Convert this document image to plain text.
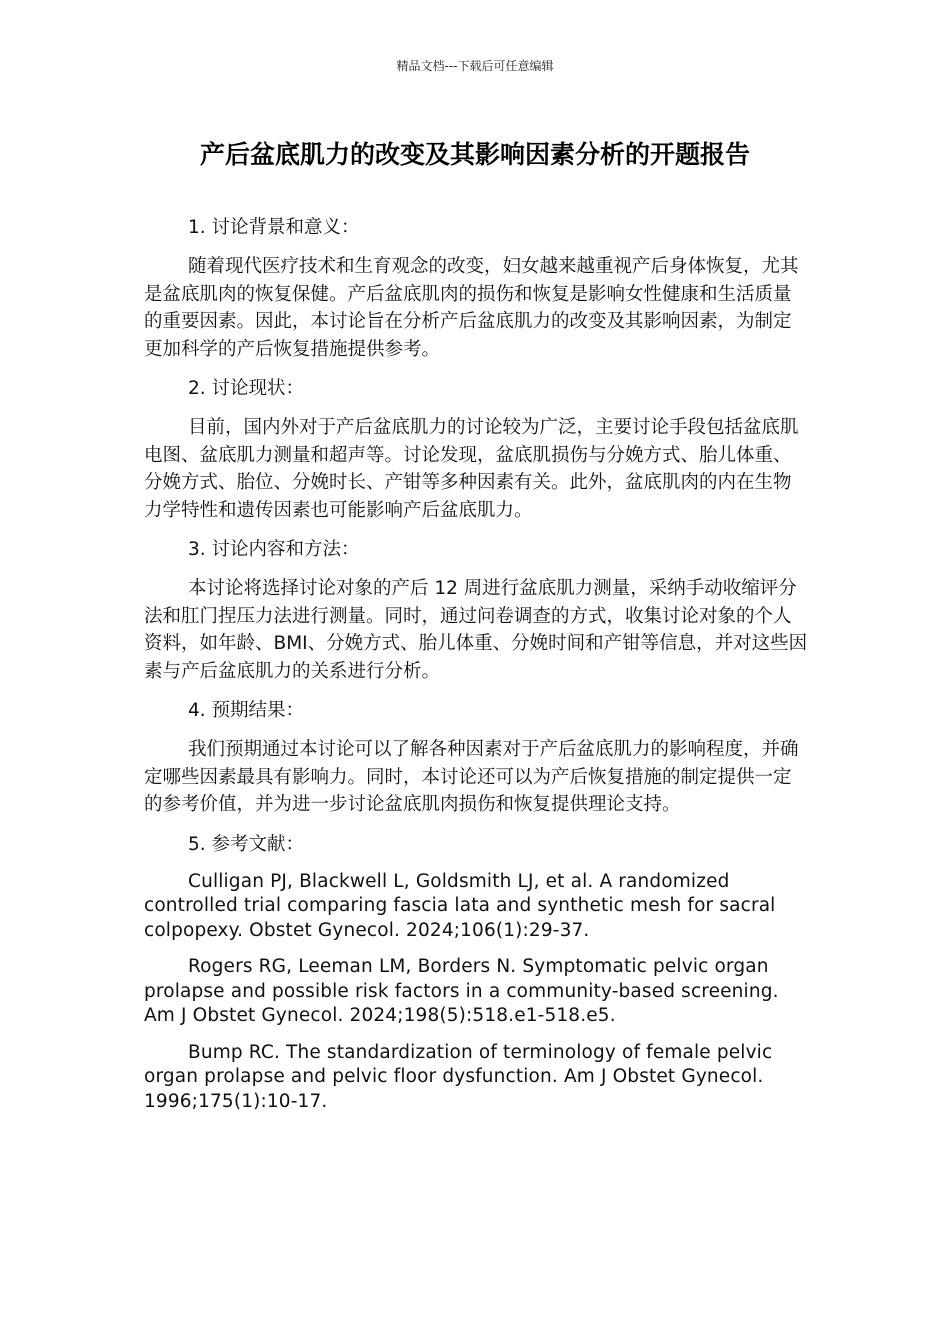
精品文档---下载后可任意编辑
产后盆底肌力的改变及其影响因素分析的开题报告
1. 讨论背景和意义：

随着现代医疗技术和生育观念的改变，妇女越来越重视产后身体恢复，尤其是盆底肌肉的恢复保健。产后盆底肌肉的损伤和恢复是影响女性健康和生活质量的重要因素。因此，本讨论旨在分析产后盆底肌力的改变及其影响因素，为制定更加科学的产后恢复措施提供参考。

2. 讨论现状：

目前，国内外对于产后盆底肌力的讨论较为广泛，主要讨论手段包括盆底肌电图、盆底肌力测量和超声等。讨论发现，盆底肌损伤与分娩方式、胎儿体重、分娩方式、胎位、分娩时长、产钳等多种因素有关。此外，盆底肌肉的内在生物力学特性和遗传因素也可能影响产后盆底肌力。

3. 讨论内容和方法：

本讨论将选择讨论对象的产后 12 周进行盆底肌力测量，采纳手动收缩评分法和肛门捏压力法进行测量。同时，通过问卷调查的方式，收集讨论对象的个人资料，如年龄、BMI、分娩方式、胎儿体重、分娩时间和产钳等信息，并对这些因素与产后盆底肌力的关系进行分析。

4. 预期结果：

我们预期通过本讨论可以了解各种因素对于产后盆底肌力的影响程度，并确定哪些因素最具有影响力。同时，本讨论还可以为产后恢复措施的制定提供一定的参考价值，并为进一步讨论盆底肌肉损伤和恢复提供理论支持。

5. 参考文献：

Culligan PJ, Blackwell L, Goldsmith LJ, et al. A randomized controlled trial comparing fascia lata and synthetic mesh for sacral colpopexy. Obstet Gynecol. 2024;106(1):29-37.

Rogers RG, Leeman LM, Borders N. Symptomatic pelvic organ prolapse and possible risk factors in a community-based screening. Am J Obstet Gynecol. 2024;198(5):518.e1-518.e5.

Bump RC. The standardization of terminology of female pelvic organ prolapse and pelvic floor dysfunction. Am J Obstet Gynecol. 1996;175(1):10-17.
